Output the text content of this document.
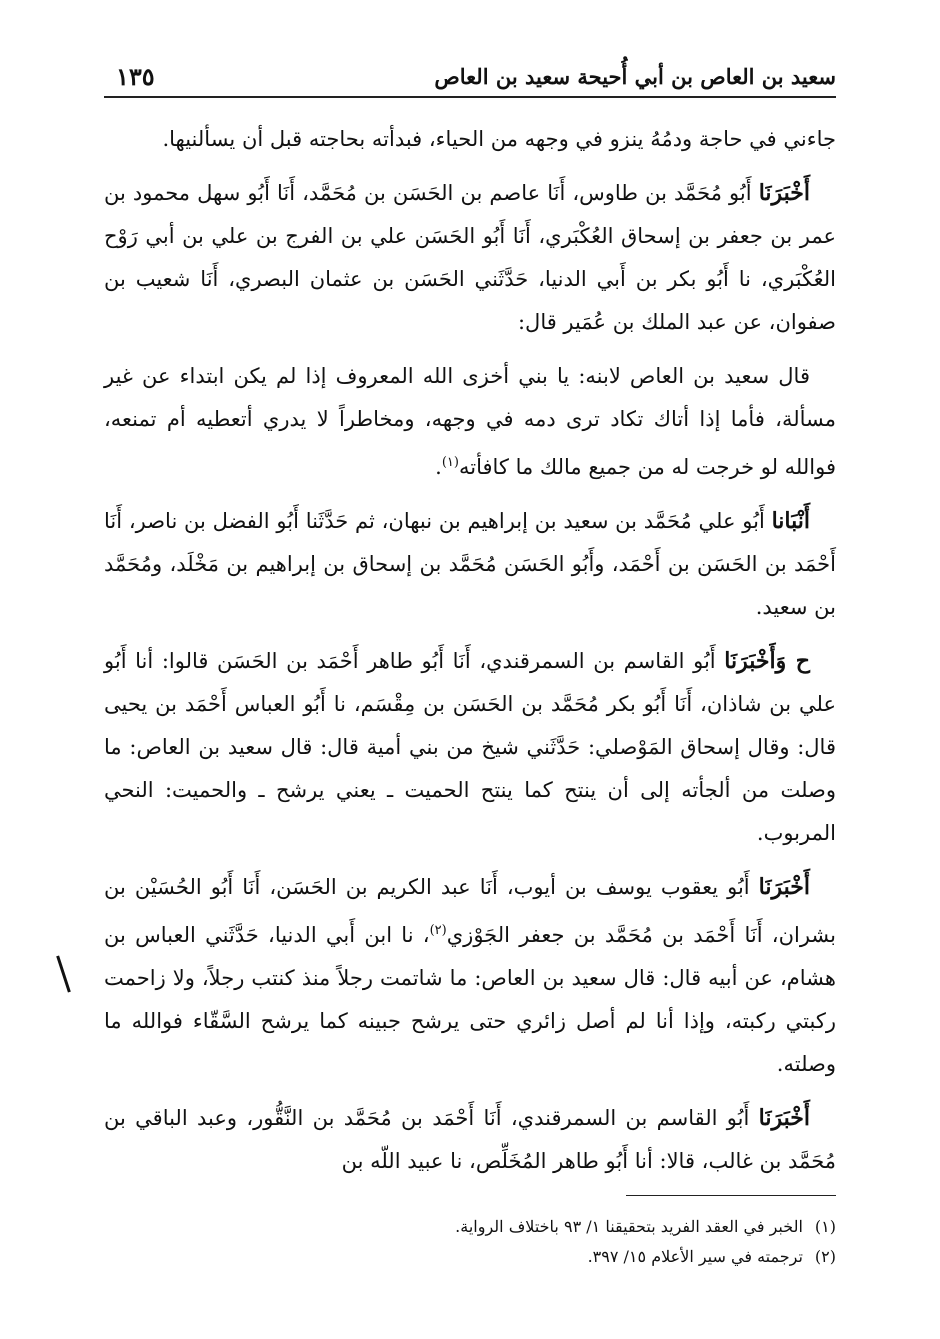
سعيد بن العاص بن أبي أُحيحة سعيد بن العاص
١٣٥

جاءني في حاجة ودمُهُ ينزو في وجهه من الحياء، فبدأته بحاجته قبل أن يسألنيها.

أَخْبَرَنَا أَبُو مُحَمَّد بن طاوس، أَنَا عاصم بن الحَسَن بن مُحَمَّد، أَنَا أَبُو سهل محمود بن عمر بن جعفر بن إسحاق العُكْبَري، أَنَا أَبُو الحَسَن علي بن الفرج بن علي بن أبي رَوْح العُكْبَري، نا أَبُو بكر بن أَبي الدنيا، حَدَّثَني الحَسَن بن عثمان البصري، أَنَا شعيب بن صفوان، عن عبد الملك بن عُمَير قال:

قال سعيد بن العاص لابنه: يا بني أخزى الله المعروف إذا لم يكن ابتداء عن غير مسألة، فأما إذا أتاك تكاد ترى دمه في وجهه، ومخاطراً لا يدري أتعطيه أم تمنعه، فوالله لو خرجت له من جميع مالك ما كافأته$^{(١)}$.

أَنْبَانا أَبُو علي مُحَمَّد بن سعيد بن إبراهيم بن نبهان، ثم حَدَّثَنا أَبُو الفضل بن ناصر، أَنَا أَحْمَد بن الحَسَن بن أَحْمَد، وأَبُو الحَسَن مُحَمَّد بن إسحاق بن إبراهيم بن مَخْلَد، ومُحَمَّد بن سعيد.

ح وَأَخْبَرَنَا أَبُو القاسم بن السمرقندي، أَنَا أَبُو طاهر أَحْمَد بن الحَسَن قالوا: أنا أَبُو علي بن شاذان، أَنَا أَبُو بكر مُحَمَّد بن الحَسَن بن مِقْسَم، نا أَبُو العباس أَحْمَد بن يحيى قال: وقال إسحاق المَوْصلي: حَدَّثَني شيخ من بني أمية قال: قال سعيد بن العاص: ما وصلت من ألجأته إلى أن ينتح كما ينتح الحميت ـ يعني يرشح ـ والحميت: النحي المربوب.

أَخْبَرَنَا أَبُو يعقوب يوسف بن أيوب، أَنَا عبد الكريم بن الحَسَن، أَنَا أَبُو الحُسَيْن بن بشران، أَنَا أَحْمَد بن مُحَمَّد بن جعفر الجَوْزي$^{(٢)}$، نا ابن أَبي الدنيا، حَدَّثَني العباس بن هشام، عن أبيه قال: قال سعيد بن العاص: ما شاتمت رجلاً منذ كنتب رجلاً، ولا زاحمت ركبتي ركبته، وإذا أنا لم أصل زائري حتى يرشح جبينه كما يرشح السَّقّاء فوالله ما وصلته.

أَخْبَرَنَا أَبُو القاسم بن السمرقندي، أَنَا أَحْمَد بن مُحَمَّد بن النَّقُّور، وعبد الباقي بن مُحَمَّد بن غالب، قالا: أنا أَبُو طاهر المُخَلِّص، نا عبيد اللّه بن

(١)
الخبر في العقد الفريد بتحقيقنا ١/ ٩٣ باختلاف الرواية.
(٢)
ترجمته في سير الأعلام ١٥/ ٣٩٧.
